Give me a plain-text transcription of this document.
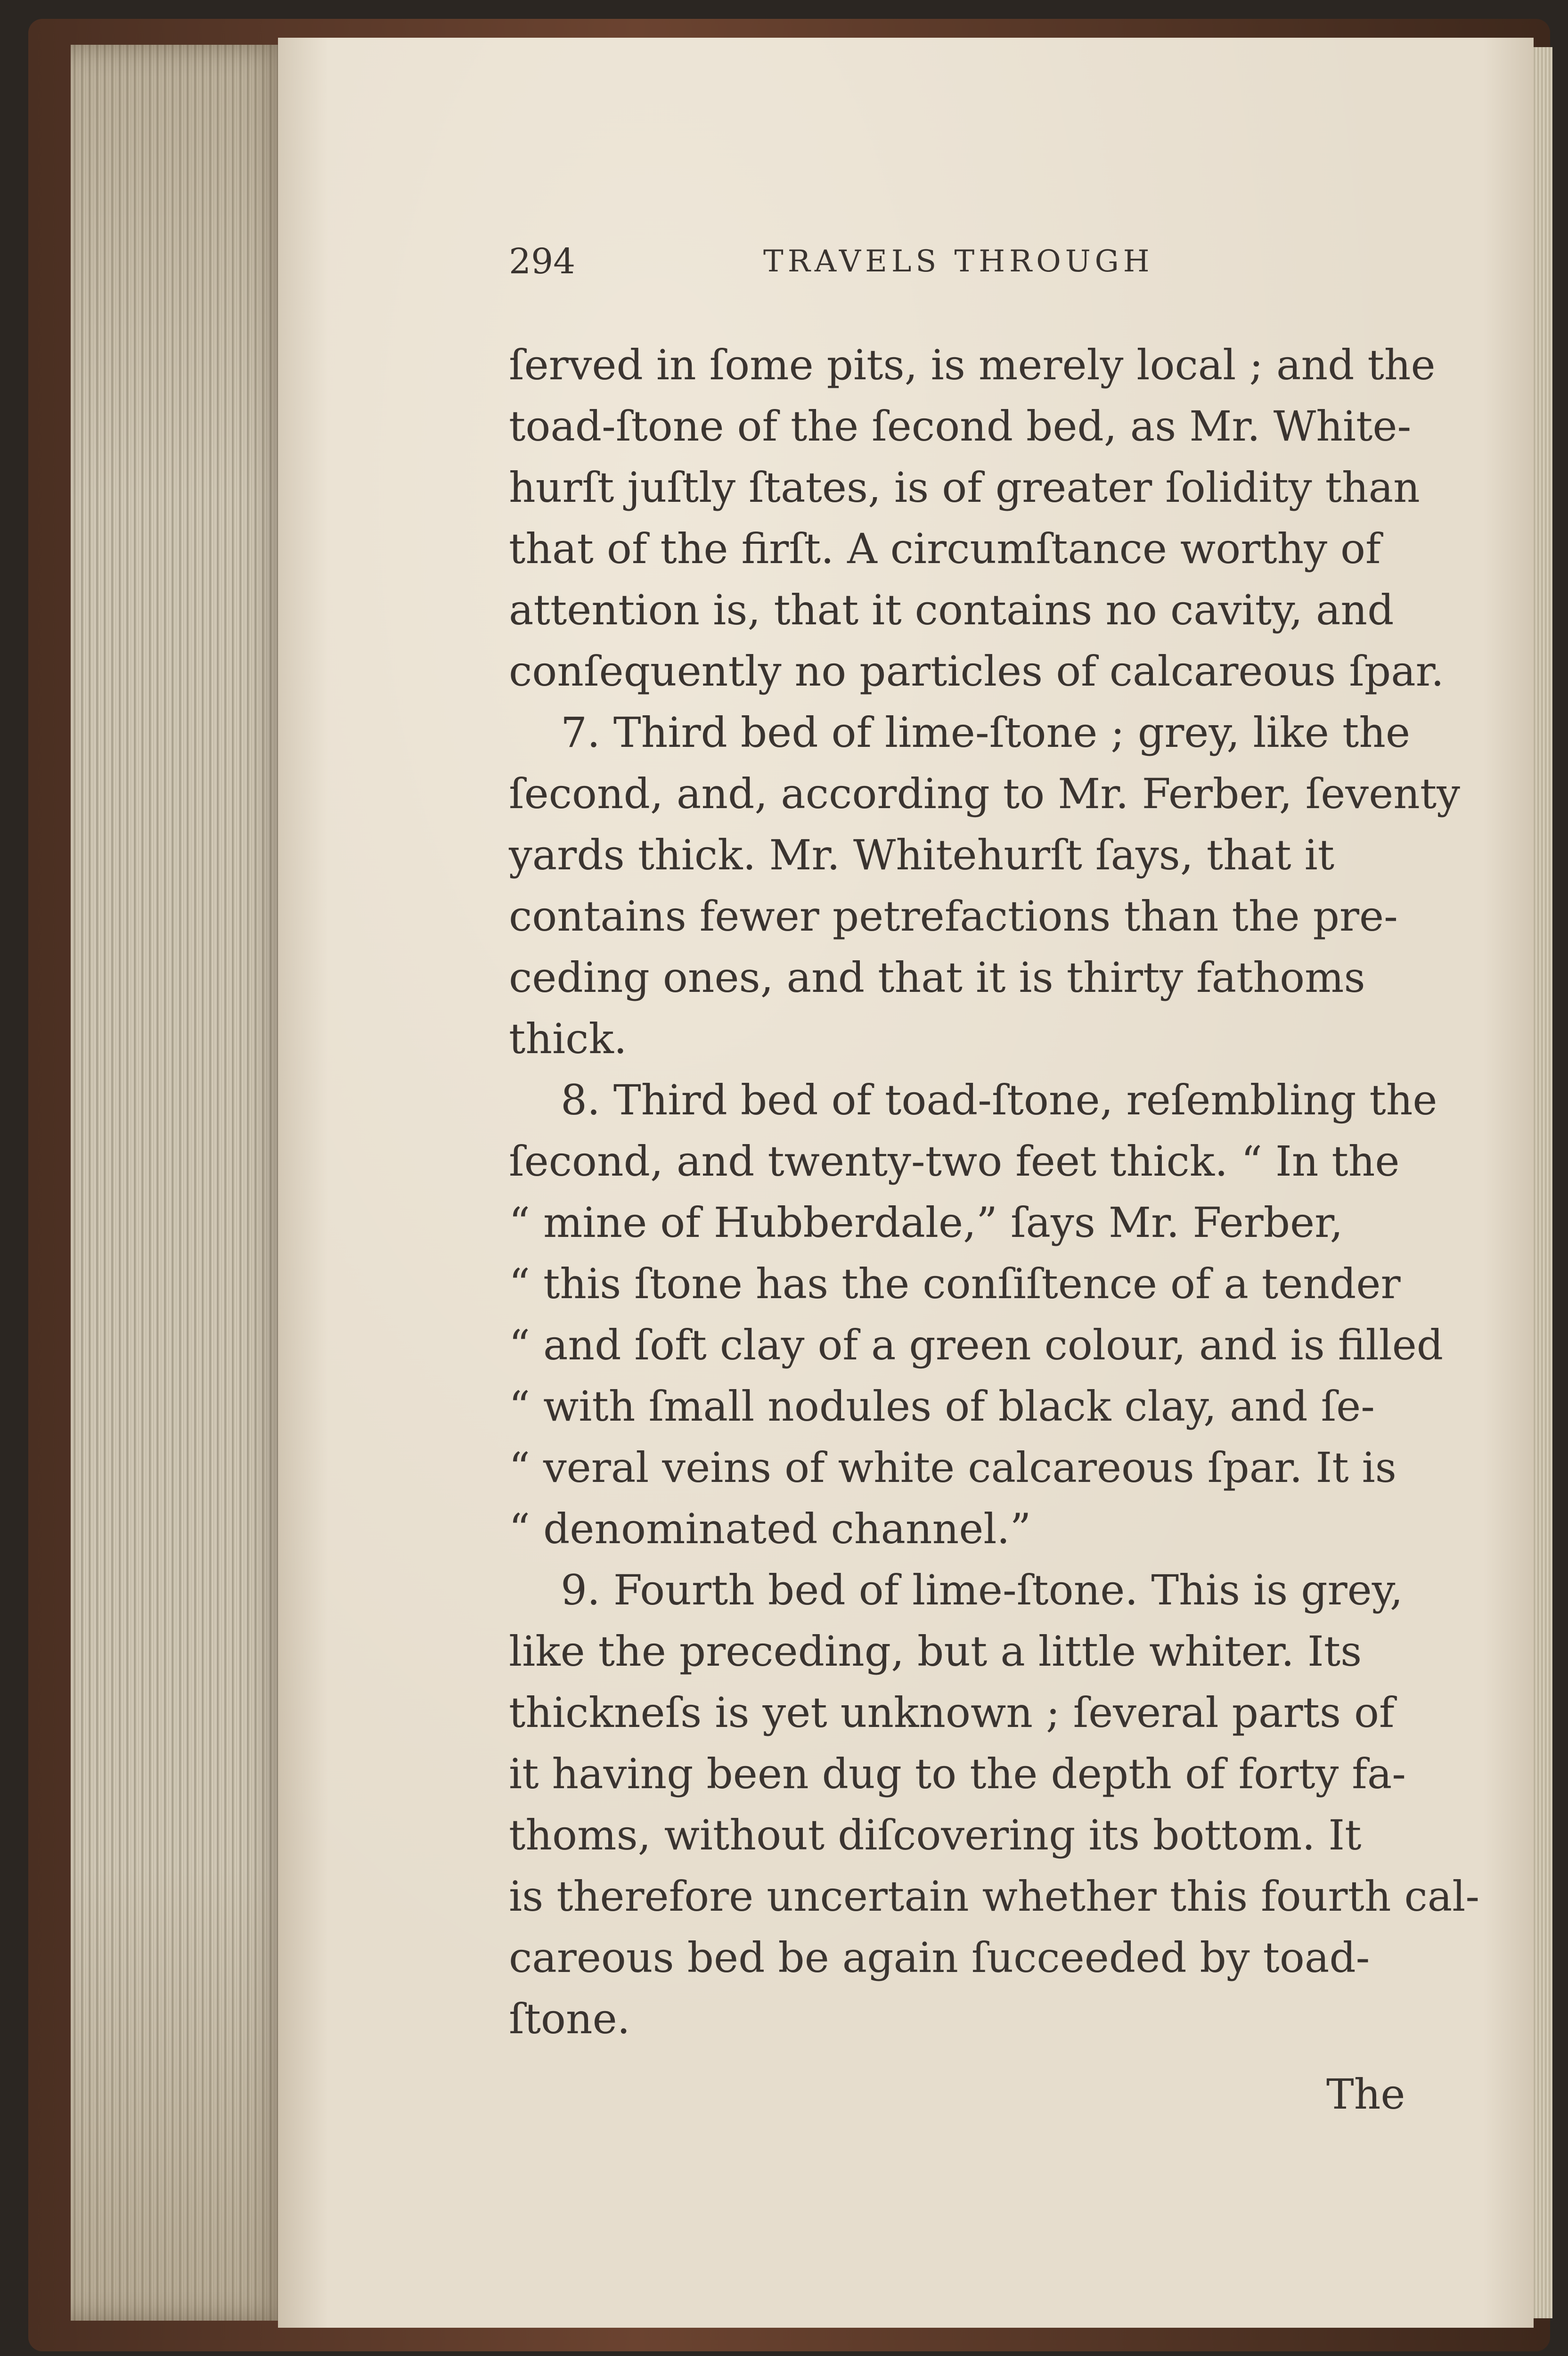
294	TRAVELS THROUGH
ſerved in ſome pits, is merely local ; and the
toad-ſtone of the ſecond bed, as Mr. White-
hurſt juſtly ſtates, is of greater ſolidity than
that of the firſt. A circumſtance worthy of
attention is, that it contains no cavity, and
conſequently no particles of calcareous ſpar.
7. Third bed of lime-ſtone ; grey, like the
ſecond, and, according to Mr. Ferber, ſeventy
yards thick. Mr. Whitehurſt ſays, that it
contains fewer petrefactions than the pre-
ceding ones, and that it is thirty fathoms
thick.
8. Third bed of toad-ſtone, reſembling the
ſecond, and twenty-two feet thick. “ In the
“ mine of Hubberdale,” ſays Mr. Ferber,
“ this ſtone has the conſiſtence of a tender
“ and ſoft clay of a green colour, and is filled
“ with ſmall nodules of black clay, and ſe-
“ veral veins of white calcareous ſpar. It is
“ denominated channel.”
9. Fourth bed of lime-ſtone. This is grey,
like the preceding, but a little whiter. Its
thickneſs is yet unknown ; ſeveral parts of
it having been dug to the depth of forty fa-
thoms, without diſcovering its bottom. It
is therefore uncertain whether this fourth cal-
careous bed be again ſucceeded by toad-
ſtone.
The
